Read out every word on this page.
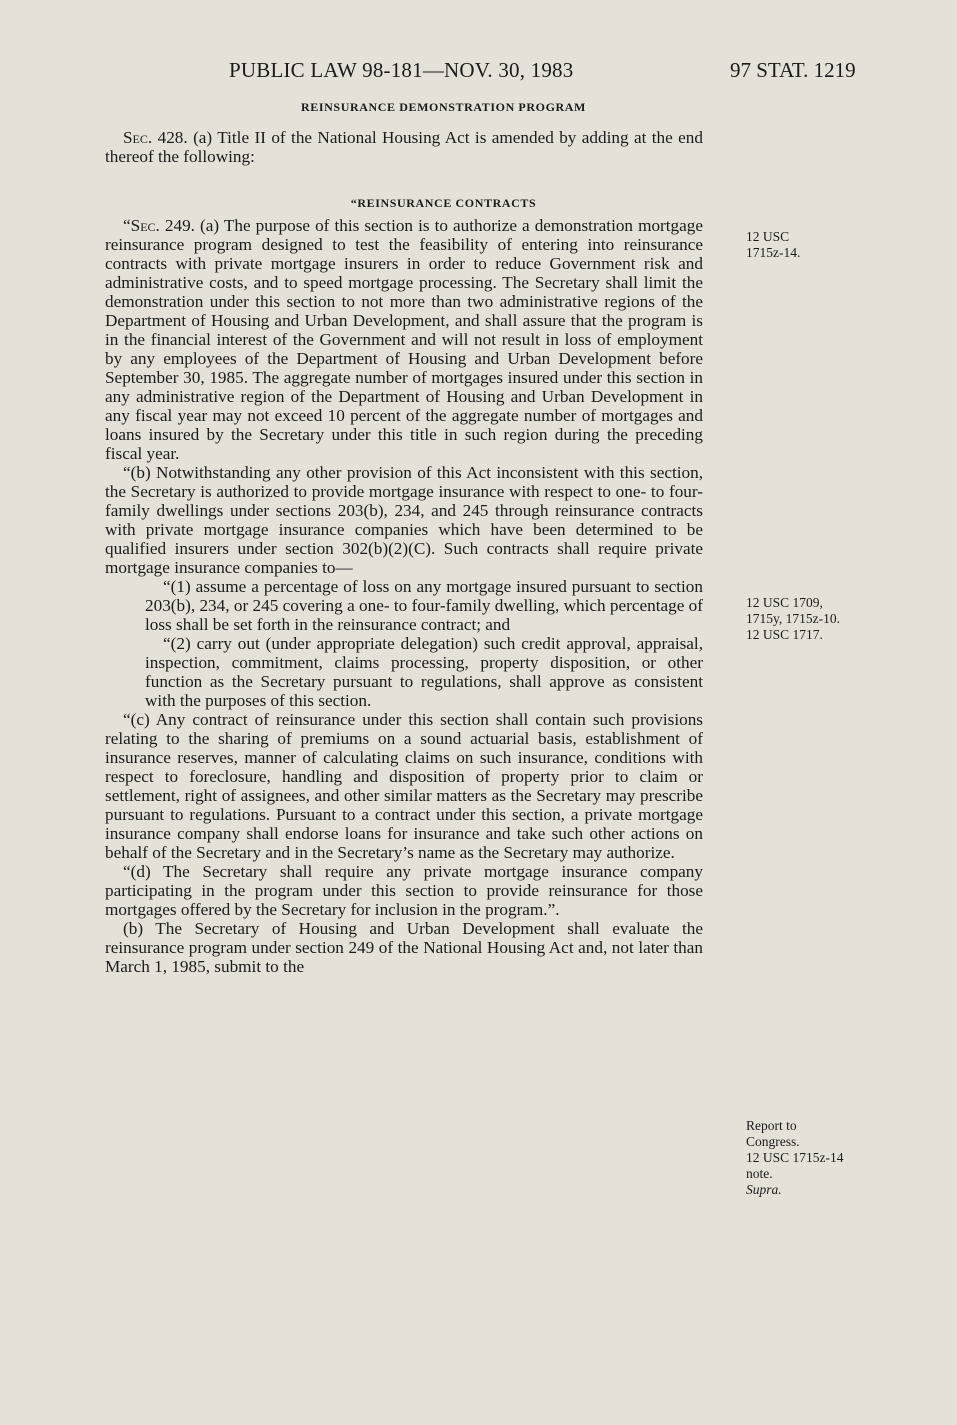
PUBLIC LAW 98-181—NOV. 30, 1983	97 STAT. 1219
REINSURANCE DEMONSTRATION PROGRAM
“REINSURANCE CONTRACTS

Sec. 428. (a) Title II of the National Housing Act is amended by adding at the end thereof the following:

“Sec. 249. (a) The purpose of this section is to authorize a demonstration mortgage reinsurance program designed to test the feasibility of entering into reinsurance contracts with private mortgage insurers in order to reduce Government risk and administrative costs, and to speed mortgage processing. The Secretary shall limit the demonstration under this section to not more than two administrative regions of the Department of Housing and Urban Development, and shall assure that the program is in the financial interest of the Government and will not result in loss of employment by any employees of the Department of Housing and Urban Development before September 30, 1985. The aggregate number of mortgages insured under this section in any administrative region of the Department of Housing and Urban Development in any fiscal year may not exceed 10 percent of the aggregate number of mortgages and loans insured by the Secretary under this title in such region during the preceding fiscal year.

“(b) Notwithstanding any other provision of this Act inconsistent with this section, the Secretary is authorized to provide mortgage insurance with respect to one- to four-family dwellings under sections 203(b), 234, and 245 through reinsurance contracts with private mortgage insurance companies which have been determined to be qualified insurers under section 302(b)(2)(C). Such contracts shall require private mortgage insurance companies to—

“(1) assume a percentage of loss on any mortgage insured pursuant to section 203(b), 234, or 245 covering a one- to four-family dwelling, which percentage of loss shall be set forth in the reinsurance contract; and

“(2) carry out (under appropriate delegation) such credit approval, appraisal, inspection, commitment, claims processing, property disposition, or other function as the Secretary pursuant to regulations, shall approve as consistent with the purposes of this section.

“(c) Any contract of reinsurance under this section shall contain such provisions relating to the sharing of premiums on a sound actuarial basis, establishment of insurance reserves, manner of calculating claims on such insurance, conditions with respect to foreclosure, handling and disposition of property prior to claim or settlement, right of assignees, and other similar matters as the Secretary may prescribe pursuant to regulations. Pursuant to a contract under this section, a private mortgage insurance company shall endorse loans for insurance and take such other actions on behalf of the Secretary and in the Secretary’s name as the Secretary may authorize.

“(d) The Secretary shall require any private mortgage insurance company participating in the program under this section to provide reinsurance for those mortgages offered by the Secretary for inclusion in the program.”.

(b) The Secretary of Housing and Urban Development shall evaluate the reinsurance program under section 249 of the National Housing Act and, not later than March 1, 1985, submit to the

12 USC
1715z-14.
12 USC 1709,
1715y, 1715z-10.
12 USC 1717.
Report to
Congress.
12 USC 1715z-14
note.
Supra.
